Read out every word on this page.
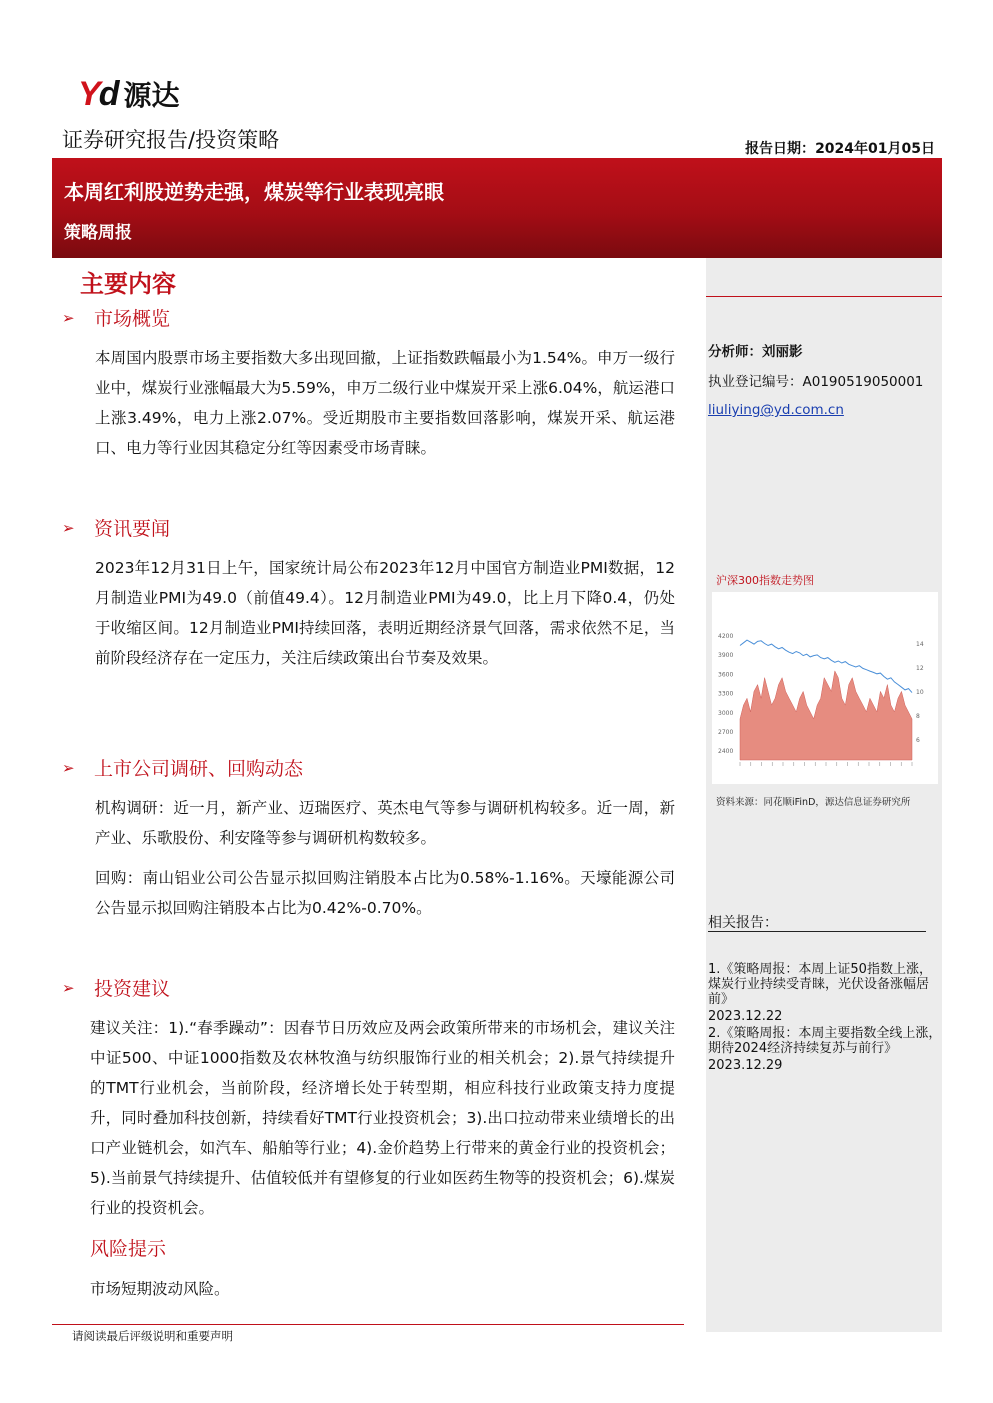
Yd 源达
证券研究报告/投资策略	报告日期：2024年01月05日
本周红利股逆势走强，煤炭等行业表现亮眼
策略周报
分析师：刘丽影
执业登记编号：A0190519050001
liuliying@yd.com.cn
沪深300指数走势图
4200
3900
3600
3300
3000
2700
2400
14
12
10
8
6
资料来源：同花顺iFinD，源达信息证券研究所
相关报告：
1.《策略周报：本周上证50指数上涨，煤炭行业持续受青睐，光伏设备涨幅居前》
2023.12.22
2.《策略周报：本周主要指数全线上涨，期待2024经济持续复苏与前行》
2023.12.29
主要内容
➢	市场概览
本周国内股票市场主要指数大多出现回撤，上证指数跌幅最小为1.54%。申万一级行业中，煤炭行业涨幅最大为5.59%，申万二级行业中煤炭开采上涨6.04%，航运港口上涨3.49%，电力上涨2.07%。受近期股市主要指数回落影响，煤炭开采、航运港口、电力等行业因其稳定分红等因素受市场青睐。
➢	资讯要闻
2023年12月31日上午，国家统计局公布2023年12月中国官方制造业PMI数据，12月制造业PMI为49.0（前值49.4）。12月制造业PMI为49.0，比上月下降0.4，仍处于收缩区间。12月制造业PMI持续回落，表明近期经济景气回落，需求依然不足，当前阶段经济存在一定压力，关注后续政策出台节奏及效果。
➢	上市公司调研、回购动态
机构调研：近一月，新产业、迈瑞医疗、英杰电气等参与调研机构较多。近一周，新产业、乐歌股份、利安隆等参与调研机构数较多。
回购：南山铝业公司公告显示拟回购注销股本占比为0.58%-1.16%。天壕能源公司公告显示拟回购注销股本占比为0.42%-0.70%。
➢	投资建议
建议关注：1).“春季躁动”：因春节日历效应及两会政策所带来的市场机会，建议关注中证500、中证1000指数及农林牧渔与纺织服饰行业的相关机会；2).景气持续提升的TMT行业机会，当前阶段，经济增长处于转型期，相应科技行业政策支持力度提升，同时叠加科技创新，持续看好TMT行业投资机会；3).出口拉动带来业绩增长的出口产业链机会，如汽车、船舶等行业；4).金价趋势上行带来的黄金行业的投资机会；5).当前景气持续提升、估值较低并有望修复的行业如医药生物等的投资机会；6).煤炭行业的投资机会。
风险提示
市场短期波动风险。
请阅读最后评级说明和重要声明
